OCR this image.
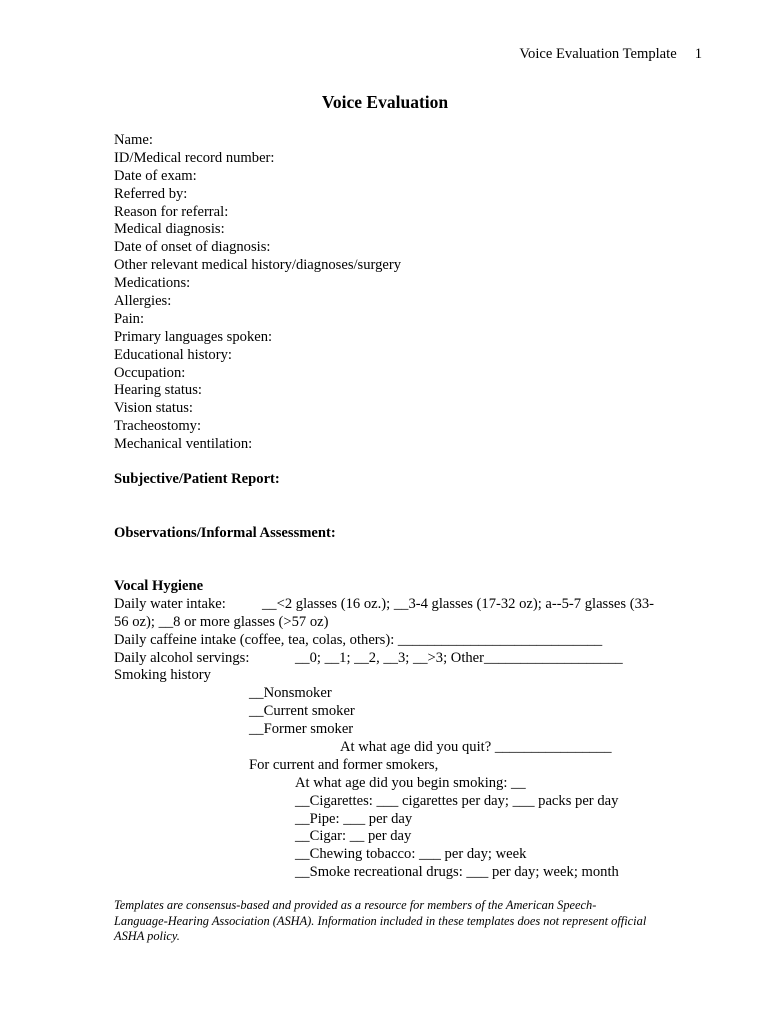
Voice Evaluation Template 1
Voice Evaluation
Name:
ID/Medical record number:
Date of exam:
Referred by:
Reason for referral:
Medical diagnosis:
Date of onset of diagnosis:
Other relevant medical history/diagnoses/surgery
Medications:
Allergies:
Pain:
Primary languages spoken:
Educational history:
Occupation:
Hearing status:
Vision status:
Tracheostomy:
Mechanical ventilation:
Subjective/Patient Report:
Observations/Informal Assessment:
Vocal Hygiene
Daily water intake: __<2 glasses (16 oz.); __3-4 glasses (17-32 oz); a--5-7 glasses (33-
56 oz); __8 or more glasses (>57 oz)
Daily caffeine intake (coffee, tea, colas, others): ____________________________
Daily alcohol servings:	__0; __1; __2, __3; __>3; Other___________________
Smoking history
__Nonsmoker
__Current smoker
__Former smoker
At what age did you quit? ________________
For current and former smokers,
At what age did you begin smoking: __
__Cigarettes: ___ cigarettes per day; ___ packs per day
__Pipe: ___ per day
__Cigar: __ per day
__Chewing tobacco: ___ per day; week
__Smoke recreational drugs: ___ per day; week; month
Templates are consensus-based and provided as a resource for members of the American Speech-
Language-Hearing Association (ASHA). Information included in these templates does not represent official
ASHA policy.
